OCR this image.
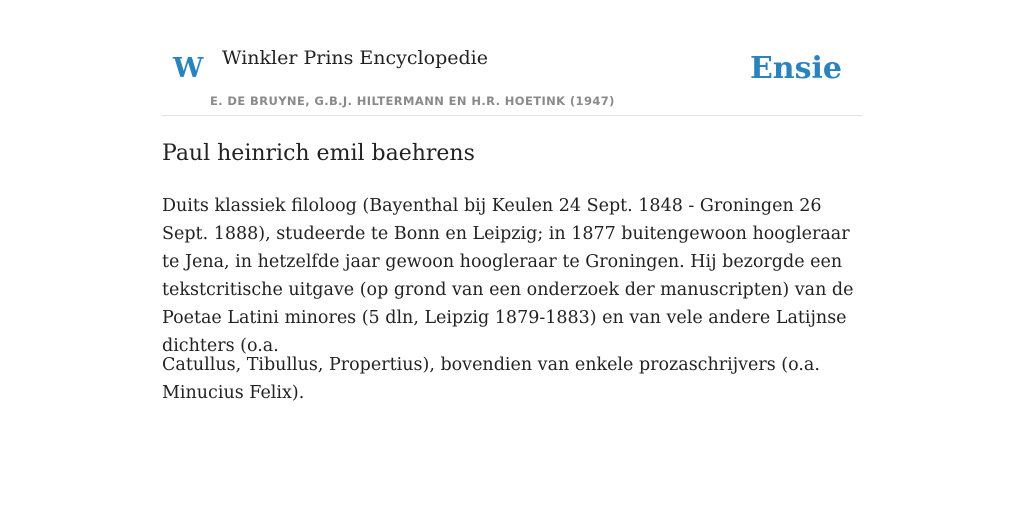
W Winkler Prins Encyclopedie
E. DE BRUYNE, G.B.J. HILTERMANN EN H.R. HOETINK (1947)
Ensie
Paul heinrich emil baehrens

Duits klassiek filoloog (Bayenthal bij Keulen 24 Sept. 1848 - Groningen 26 Sept. 1888), studeerde te Bonn en Leipzig; in 1877 buitengewoon hoogleraar te Jena, in hetzelfde jaar gewoon hoogleraar te Groningen. Hij bezorgde een tekstcritische uitgave (op grond van een onderzoek der manuscripten) van de Poetae Latini minores (5 dln, Leipzig 1879-1883) en van vele andere Latijnse dichters (o.a.

Catullus, Tibullus, Propertius), bovendien van enkele prozaschrijvers (o.a. Minucius Felix).
